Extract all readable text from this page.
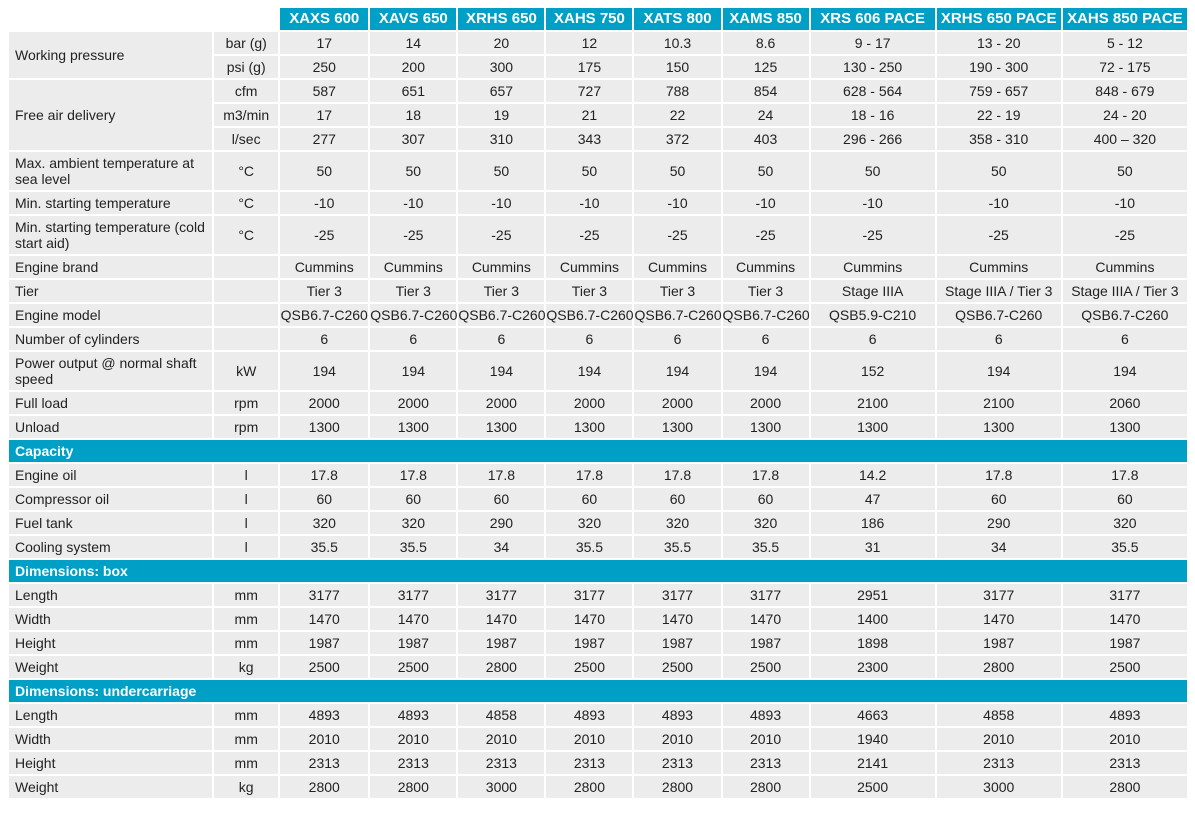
		XAXS 600	XAVS 650	XRHS 650	XAHS 750	XATS 800	XAMS 850	XRS 606 PACE	XRHS 650 PACE	XAHS 850 PACE
Working pressure	bar (g)	17	14	20	12	10.3	8.6	9 - 17	13 - 20	5 - 12
	psi (g)	250	200	300	175	150	125	130 - 250	190 - 300	72 - 175
Free air delivery	cfm	587	651	657	727	788	854	628 - 564	759 - 657	848 - 679
	m3/min	17	18	19	21	22	24	18 - 16	22 - 19	24 - 20
	l/sec	277	307	310	343	372	403	296 - 266	358 - 310	400 – 320
Max. ambient temperature at sea level	°C	50	50	50	50	50	50	50	50	50
Min. starting temperature	°C	-10	-10	-10	-10	-10	-10	-10	-10	-10
Min. starting temperature (cold start aid)	°C	-25	-25	-25	-25	-25	-25	-25	-25	-25
Engine brand		Cummins	Cummins	Cummins	Cummins	Cummins	Cummins	Cummins	Cummins	Cummins
Tier		Tier 3	Tier 3	Tier 3	Tier 3	Tier 3	Tier 3	Stage IIIA	Stage IIIA / Tier 3	Stage IIIA / Tier 3
Engine model		QSB6.7-C260	QSB6.7-C260	QSB6.7-C260	QSB6.7-C260	QSB6.7-C260	QSB6.7-C260	QSB5.9-C210	QSB6.7-C260	QSB6.7-C260
Number of cylinders		6	6	6	6	6	6	6	6	6
Power output @ normal shaft speed	kW	194	194	194	194	194	194	152	194	194
Full load	rpm	2000	2000	2000	2000	2000	2000	2100	2100	2060
Unload	rpm	1300	1300	1300	1300	1300	1300	1300	1300	1300
Capacity										
Engine oil	l	17.8	17.8	17.8	17.8	17.8	17.8	14.2	17.8	17.8
Compressor oil	l	60	60	60	60	60	60	47	60	60
Fuel tank	l	320	320	290	320	320	320	186	290	320
Cooling system	l	35.5	35.5	34	35.5	35.5	35.5	31	34	35.5
Dimensions: box										
Length	mm	3177	3177	3177	3177	3177	3177	2951	3177	3177
Width	mm	1470	1470	1470	1470	1470	1470	1400	1470	1470
Height	mm	1987	1987	1987	1987	1987	1987	1898	1987	1987
Weight	kg	2500	2500	2800	2500	2500	2500	2300	2800	2500
Dimensions: undercarriage										
Length	mm	4893	4893	4858	4893	4893	4893	4663	4858	4893
Width	mm	2010	2010	2010	2010	2010	2010	1940	2010	2010
Height	mm	2313	2313	2313	2313	2313	2313	2141	2313	2313
Weight	kg	2800	2800	3000	2800	2800	2800	2500	3000	2800
